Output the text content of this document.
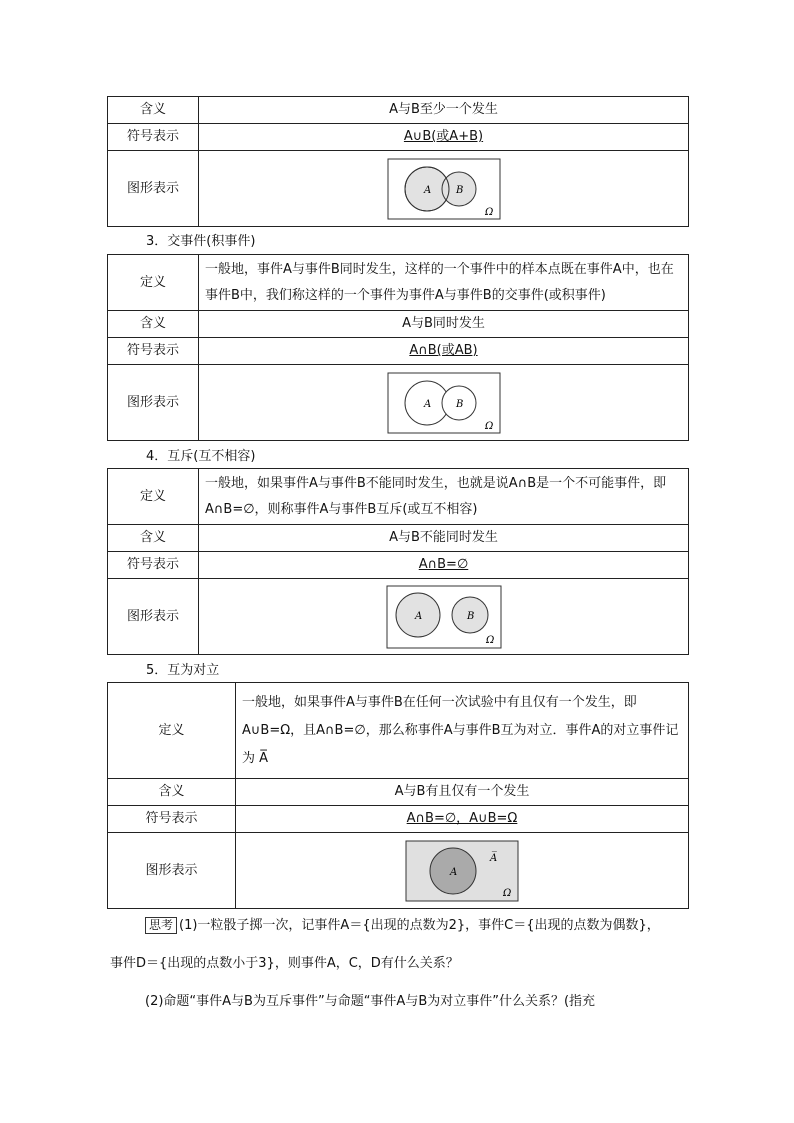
含义	A与B至少一个发生
符号表示	A∪B(或A+B)
图形表示	A B
Ω
3．交事件(积事件)
定义	一般地，事件A与事件B同时发生，这样的一个事件中的样本点既在事件A中，也在事件B中，我们称这样的一个事件为事件A与事件B的交事件(或积事件)
含义	A与B同时发生
符号表示	A∩B(或AB)
图形表示	A B
Ω
4．互斥(互不相容)
定义	一般地，如果事件A与事件B不能同时发生，也就是说A∩B是一个不可能事件，即A∩B=∅，则称事件A与事件B互斥(或互不相容)
含义	A与B不能同时发生
符号表示	A∩B=∅
图形表示	A B
Ω
5．互为对立
定义	一般地，如果事件A与事件B在任何一次试验中有且仅有一个发生，即A∪B=Ω，且A∩B=∅，那么称事件A与事件B互为对立．事件A的对立事件记为 A̅
含义	A与B有且仅有一个发生
符号表示	A∩B=∅，A∪B=Ω
图形表示	A
A̅
Ω
思考 (1)一粒骰子掷一次，记事件A＝{出现的点数为2}，事件C＝{出现的点数为偶数}，
事件D＝{出现的点数小于3}，则事件A，C，D有什么关系？
(2)命题“事件A与B为互斥事件”与命题“事件A与B为对立事件”什么关系？(指充
